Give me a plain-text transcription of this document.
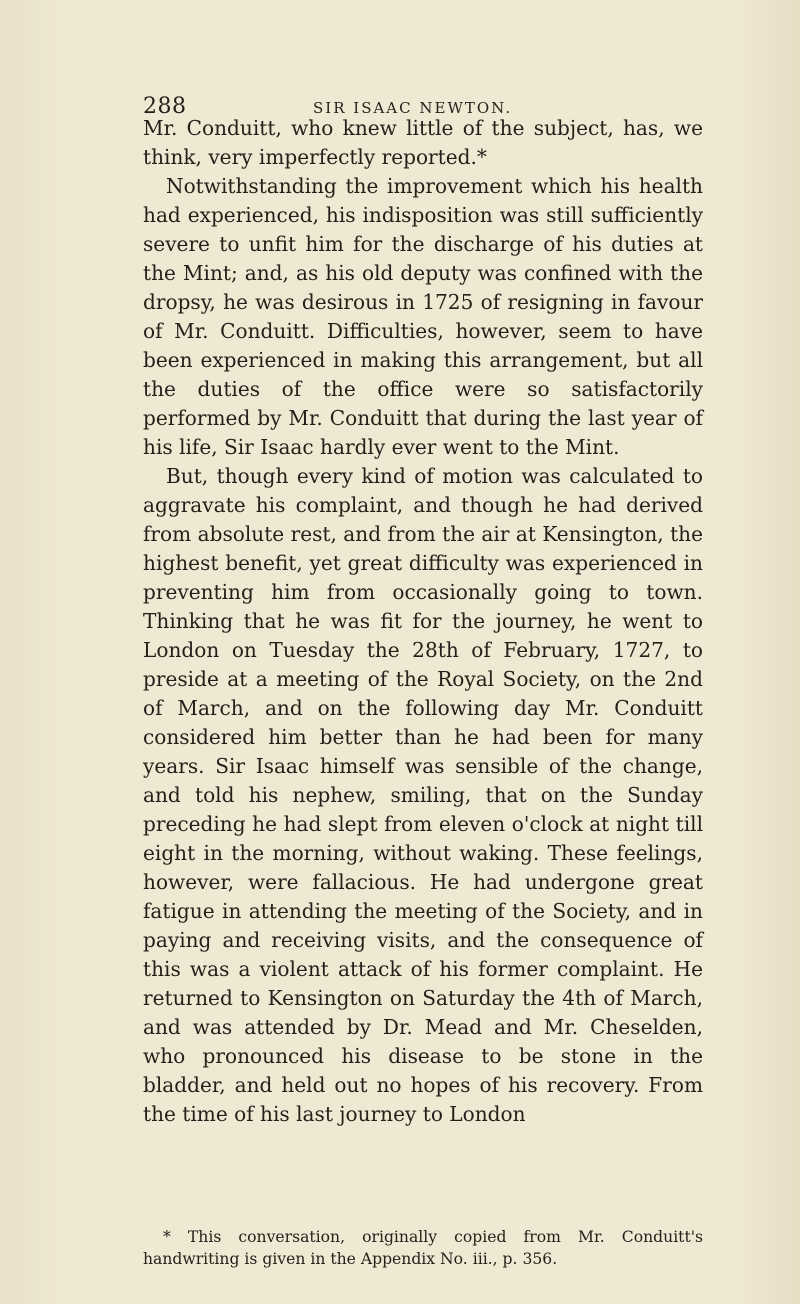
288	SIR ISAAC NEWTON.

Mr. Conduitt, who knew little of the subject, has, we think, very imperfectly reported.*

Notwithstanding the improvement which his health had experienced, his indisposition was still sufficiently severe to unfit him for the discharge of his duties at the Mint; and, as his old deputy was confined with the dropsy, he was desirous in 1725 of resigning in favour of Mr. Conduitt. Difficulties, however, seem to have been experienced in making this arrangement, but all the duties of the office were so satisfactorily performed by Mr. Conduitt that during the last year of his life, Sir Isaac hardly ever went to the Mint.

But, though every kind of motion was calculated to aggravate his complaint, and though he had derived from absolute rest, and from the air at Kensington, the highest benefit, yet great difficulty was experienced in preventing him from occasionally going to town. Thinking that he was fit for the journey, he went to London on Tuesday the 28th of February, 1727, to preside at a meeting of the Royal Society, on the 2nd of March, and on the following day Mr. Conduitt considered him better than he had been for many years. Sir Isaac himself was sensible of the change, and told his nephew, smiling, that on the Sunday preceding he had slept from eleven o'clock at night till eight in the morning, without waking. These feelings, however, were fallacious. He had undergone great fatigue in attending the meeting of the Society, and in paying and receiving visits, and the consequence of this was a violent attack of his former complaint. He returned to Kensington on Saturday the 4th of March, and was attended by Dr. Mead and Mr. Cheselden, who pronounced his disease to be stone in the bladder, and held out no hopes of his recovery. From the time of his last journey to London

* This conversation, originally copied from Mr. Conduitt's handwriting is given in the Appendix No. iii., p. 356.
